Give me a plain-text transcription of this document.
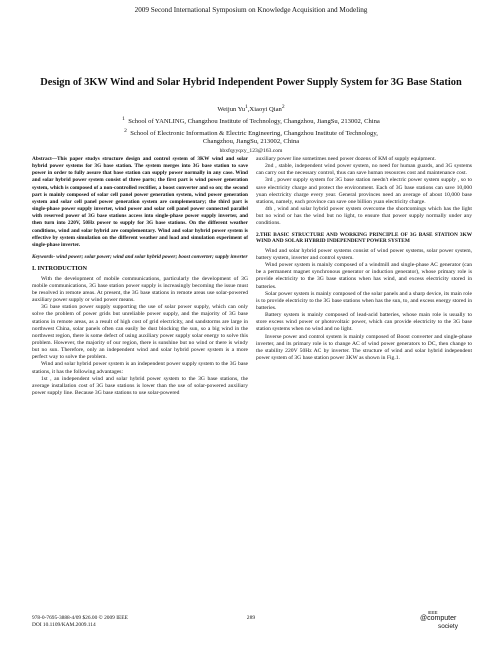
2009 Second International Symposium on Knowledge Acquisition and Modeling
Design of 3KW Wind and Solar Hybrid Independent Power Supply System for 3G Base Station
Weijun Yu$^1$,Xiaoyi Qian$^2$
$^1$ School of YANLING, Changzhou Institute of Technology, Changzhou, JiangSu, 213002, China
$^2$ School of Electronic Information & Electric Engineering, Changzhou Institute of Technology,
Changzhou, JiangSu, 213002, China
hbxfqyyqxy_123@163.com

Abstract—This paper studys structure design and control system of 3KW wind and solar hybrid power systems for 3G base station. The system merges into 3G base station to save power in order to fully assure that base station can supply power normally in any case. Wind and solar hybrid power system consist of three parts; the first part is wind power generation system, which is composed of a non-controlled rectifier, a boost converter and so on; the second part is mainly composed of solar cell panel power generation system, wind power generation system and solar cell panel power generation system are complementary; the third part is single-phase power supply inverter, wind power and solar cell panel power connected parallel with reserved power of 3G base stations access into single-phase power supply inverter, and then turn into 220V, 50Hz power to supply for 3G base stations. On the different weather conditions, wind and solar hybrid are complementary. Wind and solar hybrid power system is effective by system simulation on the different weather and load and simulation experiment of single-phase inverter.

Keywords- wind power; solar power; wind and solar hybrid power; boost converter; supply inverter

I. INTRODUCTION

With the development of mobile communications, particularly the development of 3G mobile communications, 3G base station power supply is increasingly becoming the issue must be resolved in remote areas. At present, the 3G base stations in remote areas use solar-powered auxiliary power supply or wind power means.

3G base station power supply supporting the use of solar power supply, which can only solve the problem of power grids but unreliable power supply, and the majority of 3G base stations in remote areas, as a result of high cost of grid electricity, and sandstorms are large in northwest China, solar panels often can easily be dust blocking the sun, so a big wind in the northwest region, there is some defect of using auxiliary power supply solar energy to solve this problem. However, the majority of our region, there is sunshine but no wind or there is windy but no sun. Therefore, only an independent wind and solar hybrid power system is a more perfect way to solve the problem.

Wind and solar hybrid power system is an independent power supply system to the 3G base stations, it has the following advantages:

1st , an independent wind and solar hybrid power system to the 3G base stations, the average installation cost of 3G base stations is lower than the use of solar-powered auxiliary power supply line. Because 3G base stations to use solar-powered

auxiliary power line sometimes need power dozens of KM of supply equipment.

2nd , stable, independent wind power system, no need for human guards, and 3G systems can carry out the necessary control, thus can save human resources cost and maintenance cost.

3rd , power supply system for 3G base station needn't electric power system supply , so to save electricity charge and protect the environment. Each of 3G base stations can save 10,000 yuan electricity charge every year. General provinces need an average of about 10,000 base stations, namely, each province can save one billion yuan electricity charge.

4th , wind and solar hybrid power system overcome the shortcomings which has the light but no wind or has the wind but no light, to ensure that power supply normally under any conditions.

2.THE BASIC STRUCTURE AND WORKING PRINCIPLE OF 3G BASE STATION 3KW WIND AND SOLAR HYBRID INDEPENDENT POWER SYSTEM

Wind and solar hybrid power systems consist of wind power systems, solar power system, battery system, inverter and control system.

Wind power system is mainly composed of a windmill and single-phase AC generator (can be a permanent magnet synchronous generator or induction generator), whose primary role is provide electricity to the 3G base stations when has wind, and excess electricity stored in batteries.

Solar power system is mainly composed of the solar panels and a sharp device, its main role is to provide electricity to the 3G base stations when has the sun, to, and excess energy stored in batteries.

Battery system is mainly composed of lead-acid batteries, whose main role is usually to store excess wind power or photovoltaic power, which can provide electricity to the 3G base station systems when no wind and no light.

Inverse power and control system is mainly composed of Boost converter and single-phase inverter, and its primary role is to change AC of wind power generators to DC, then change to the stability 220V 50Hz AC by inverter. The structure of wind and solar hybrid independent power system of 3G base station power 3KW as shown in Fig.1.

978-0-7695-3888-4/09 $26.00 © 2009 IEEE
DOI 10.1109/KAM.2009.114
289
IEEE
@computer
society
